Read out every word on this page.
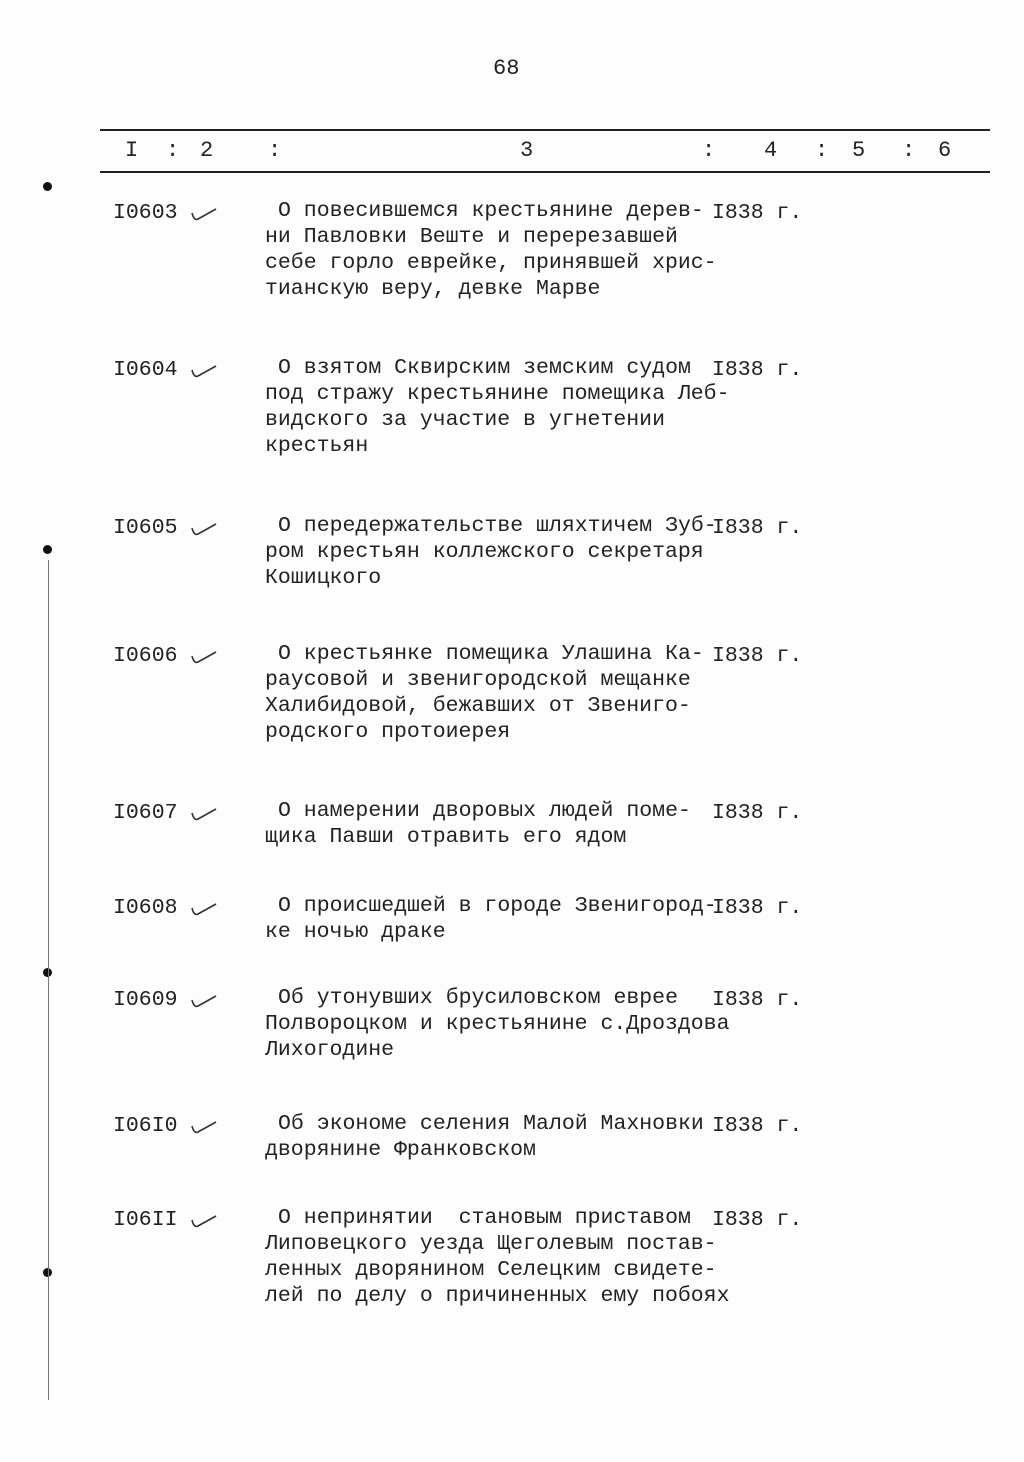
68
I : 2 :	3	: 4 : 5 : 6
I0603	О повесившемся крестьянине дерев-
ни Павловки Веште и перерезавшей
себе горло еврейке, принявшей хрис-
тианскую веру, девке Марве
I838 г.
I0604	О взятом Сквирским земским судом
под стражу крестьянине помещика Леб-
видского за участие в угнетении
крестьян
I838 г.
I0605	О передержательстве шляхтичем Зуб-
ром крестьян коллежского секретаря
Кошицкого
I838 г.
I0606	О крестьянке помещика Улашина Ка-
раусовой и звенигородской мещанке
Халибидовой, бежавших от Звениго-
родского протоиерея
I838 г.
I0607	О намерении дворовых людей поме-
щика Павши отравить его ядом
I838 г.
I0608	О происшедшей в городе Звенигород-
ке ночью драке
I838 г.
I0609	Об утонувших брусиловском еврее
Полвороцком и крестьянине с.Дроздова
Лихогодине
I838 г.
I06I0	Об экономе селения Малой Махновки
дворянине Франковском
I838 г.
I06II	О непринятии  становым приставом
Липовецкого уезда Щеголевым постав-
ленных дворянином Селецким свидете-
лей по делу о причиненных ему побоях
I838 г.
